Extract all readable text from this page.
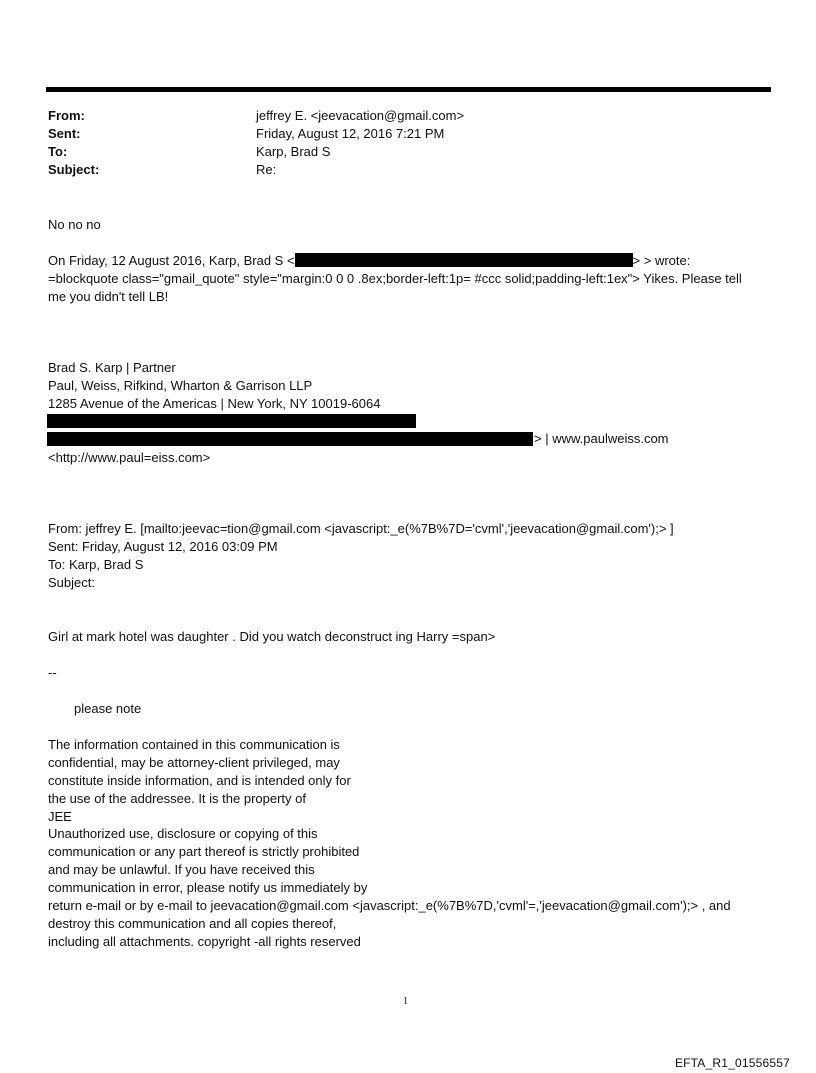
From:	jeffrey E. <jeevacation@gmail.com>
Sent:	Friday, August 12, 2016 7:21 PM
To:	Karp, Brad S
Subject:	Re:
No no no
On Friday, 12 August 2016, Karp, Brad S <	> > wrote:
=blockquote class="gmail_quote" style="margin:0 0 0 .8ex;border-left:1p= #ccc solid;padding-left:1ex"> Yikes. Please tell
me you didn't tell LB!
Brad S. Karp | Partner
Paul, Weiss, Rifkind, Wharton & Garrison LLP
1285 Avenue of the Americas | New York, NY 10019-6064
> | www.paulweiss.com
<http://www.paul=eiss.com>
From: jeffrey E. [mailto:jeevac=tion@gmail.com <javascript:_e(%7B%7D='cvml','jeevacation@gmail.com');> ]
Sent: Friday, August 12, 2016 03:09 PM
To: Karp, Brad S
Subject:
Girl at mark hotel was daughter . Did you watch deconstruct ing Harry =span>
--
please note
The information contained in this communication is
confidential, may be attorney-client privileged, may
constitute inside information, and is intended only for
the use of the addressee. It is the property of
JEE
Unauthorized use, disclosure or copying of this
communication or any part thereof is strictly prohibited
and may be unlawful. If you have received this
communication in error, please notify us immediately by
return e-mail or by e-mail to jeevacation@gmail.com <javascript:_e(%7B%7D,'cvml'=,'jeevacation@gmail.com');> , and
destroy this communication and all copies thereof,
including all attachments. copyright -all rights reserved
1
EFTA_R1_01556557
